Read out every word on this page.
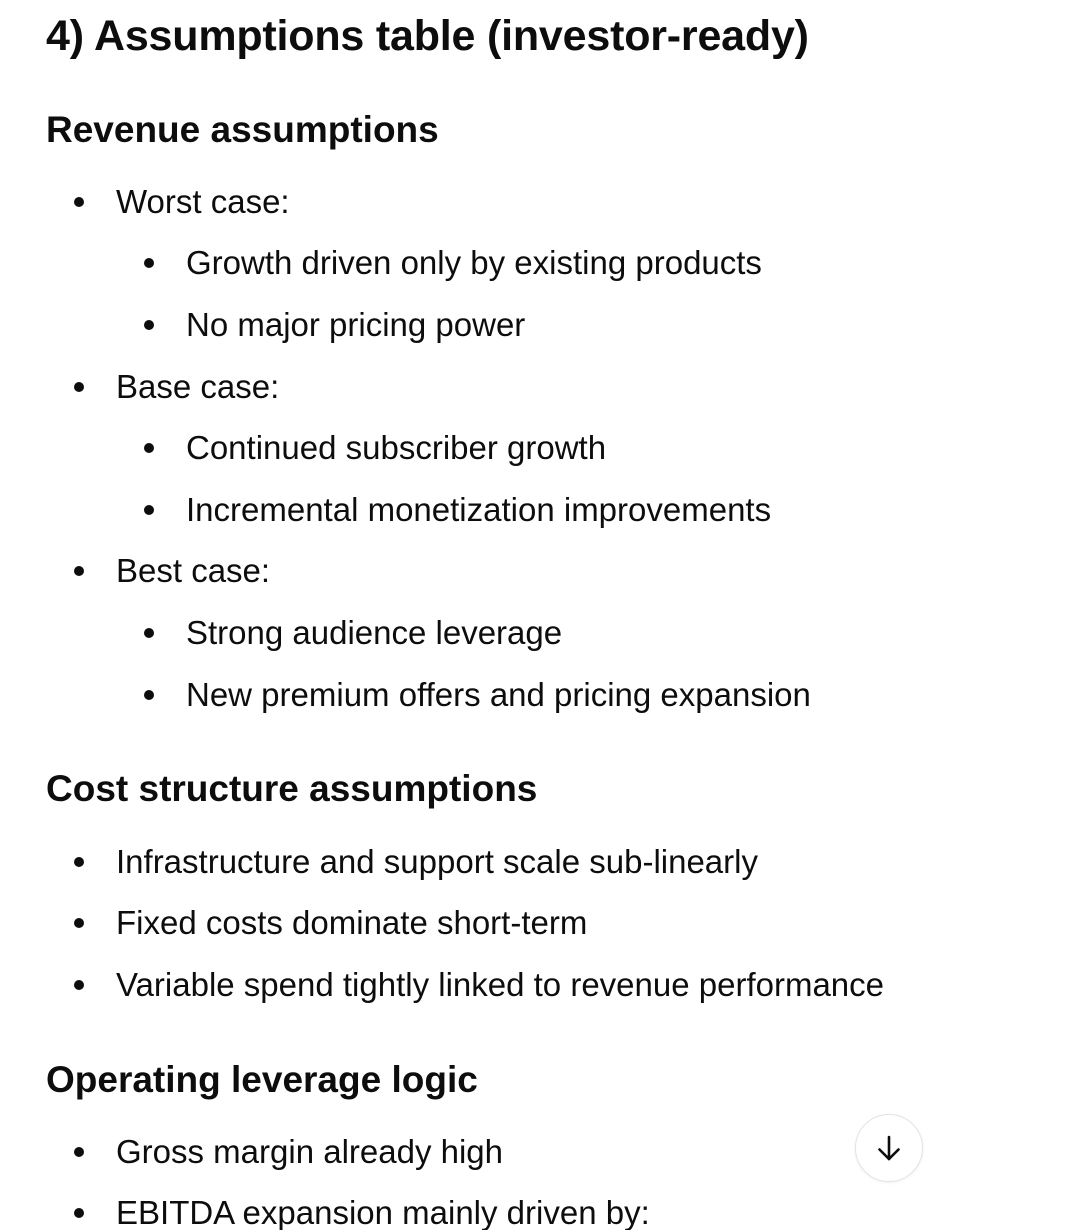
4) Assumptions table (investor-ready)
Revenue assumptions
Worst case:
Growth driven only by existing products
No major pricing power
Base case:
Continued subscriber growth
Incremental monetization improvements
Best case:
Strong audience leverage
New premium offers and pricing expansion
Cost structure assumptions
Infrastructure and support scale sub-linearly
Fixed costs dominate short-term
Variable spend tightly linked to revenue performance
Operating leverage logic
Gross margin already high
EBITDA expansion mainly driven by:
